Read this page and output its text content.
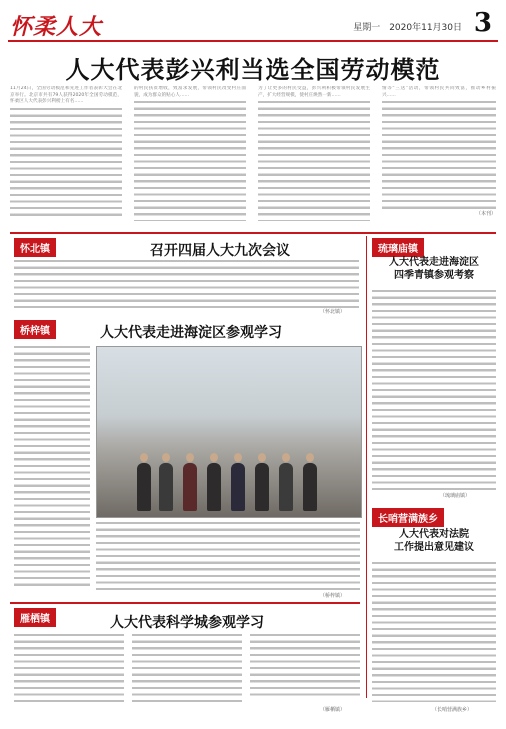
怀柔人大	星期一　2020年11月30日 3
人大代表彭兴利当选全国劳动模范
11月24日，全国劳动模范和先进工作者表彰大会在北京举行。北京市共有79人获得2020年全国劳动模范，怀柔区人大代表彭兴利榜上有名……
的村民扶贫增收，致富求发展，带领村民改变村庄面貌，成为群众的贴心人……
为了让更多的村民受益，彭兴利积极带领村民发展生产，扩大经营规模，使村庄焕然一新……
情等“三送”活动，带领村民共同致富，推动乡村振兴……
（本刊）
怀北镇	召开四届人大九次会议
（怀北镇）
桥梓镇	人大代表走进海淀区参观学习
（桥梓镇）
琉璃庙镇
人大代表走进海淀区
四季青镇参观考察
（琉璃庙镇）
长哨营满族乡
人大代表对法院
工作提出意见建议
（长哨营满族乡）
雁栖镇	人大代表科学城参观学习
（雁栖镇）
